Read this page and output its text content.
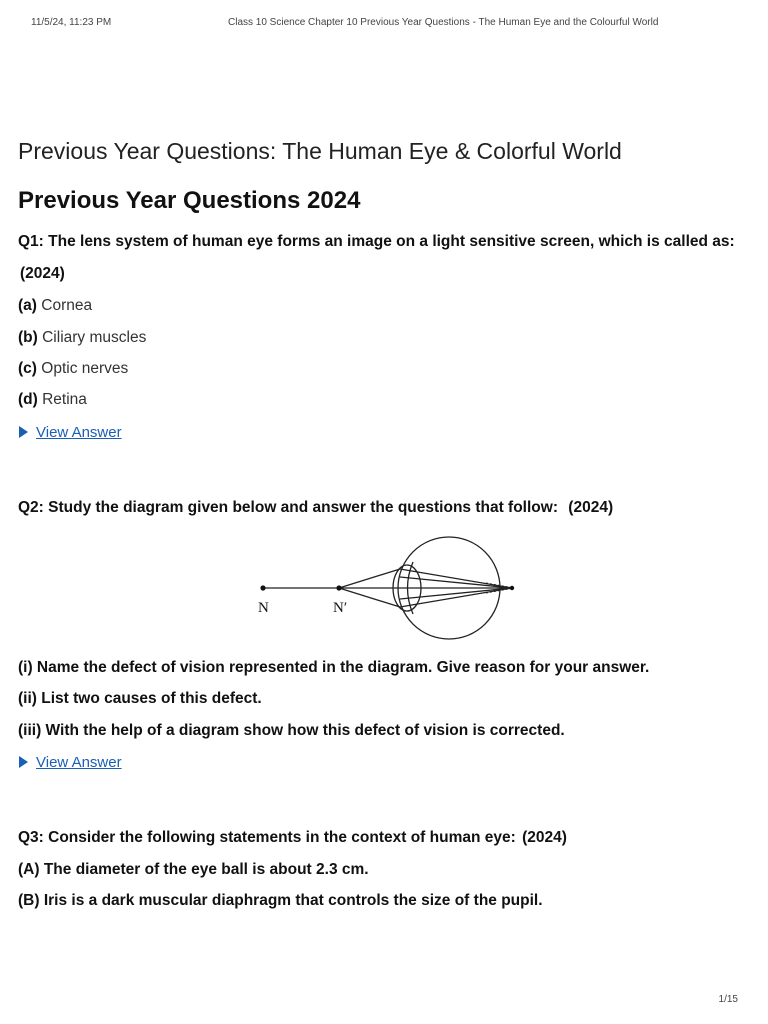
11/5/24, 11:23 PM	Class 10 Science Chapter 10 Previous Year Questions - The Human Eye and the Colourful World
Previous Year Questions: The Human Eye & Colorful World
Previous Year Questions 2024
Q1: The lens system of human eye forms an image on a light sensitive screen, which is called as:
(2024)
(a) Cornea
(b) Ciliary muscles
(c) Optic nerves
(d) Retina
View Answer
Q2: Study the diagram given below and answer the questions that follow: (2024)
N	N′
(i) Name the defect of vision represented in the diagram. Give reason for your answer.
(ii) List two causes of this defect.
(iii) With the help of a diagram show how this defect of vision is corrected.
View Answer
Q3: Consider the following statements in the context of human eye: (2024)
(A) The diameter of the eye ball is about 2.3 cm.
(B) Iris is a dark muscular diaphragm that controls the size of the pupil.
1/15
